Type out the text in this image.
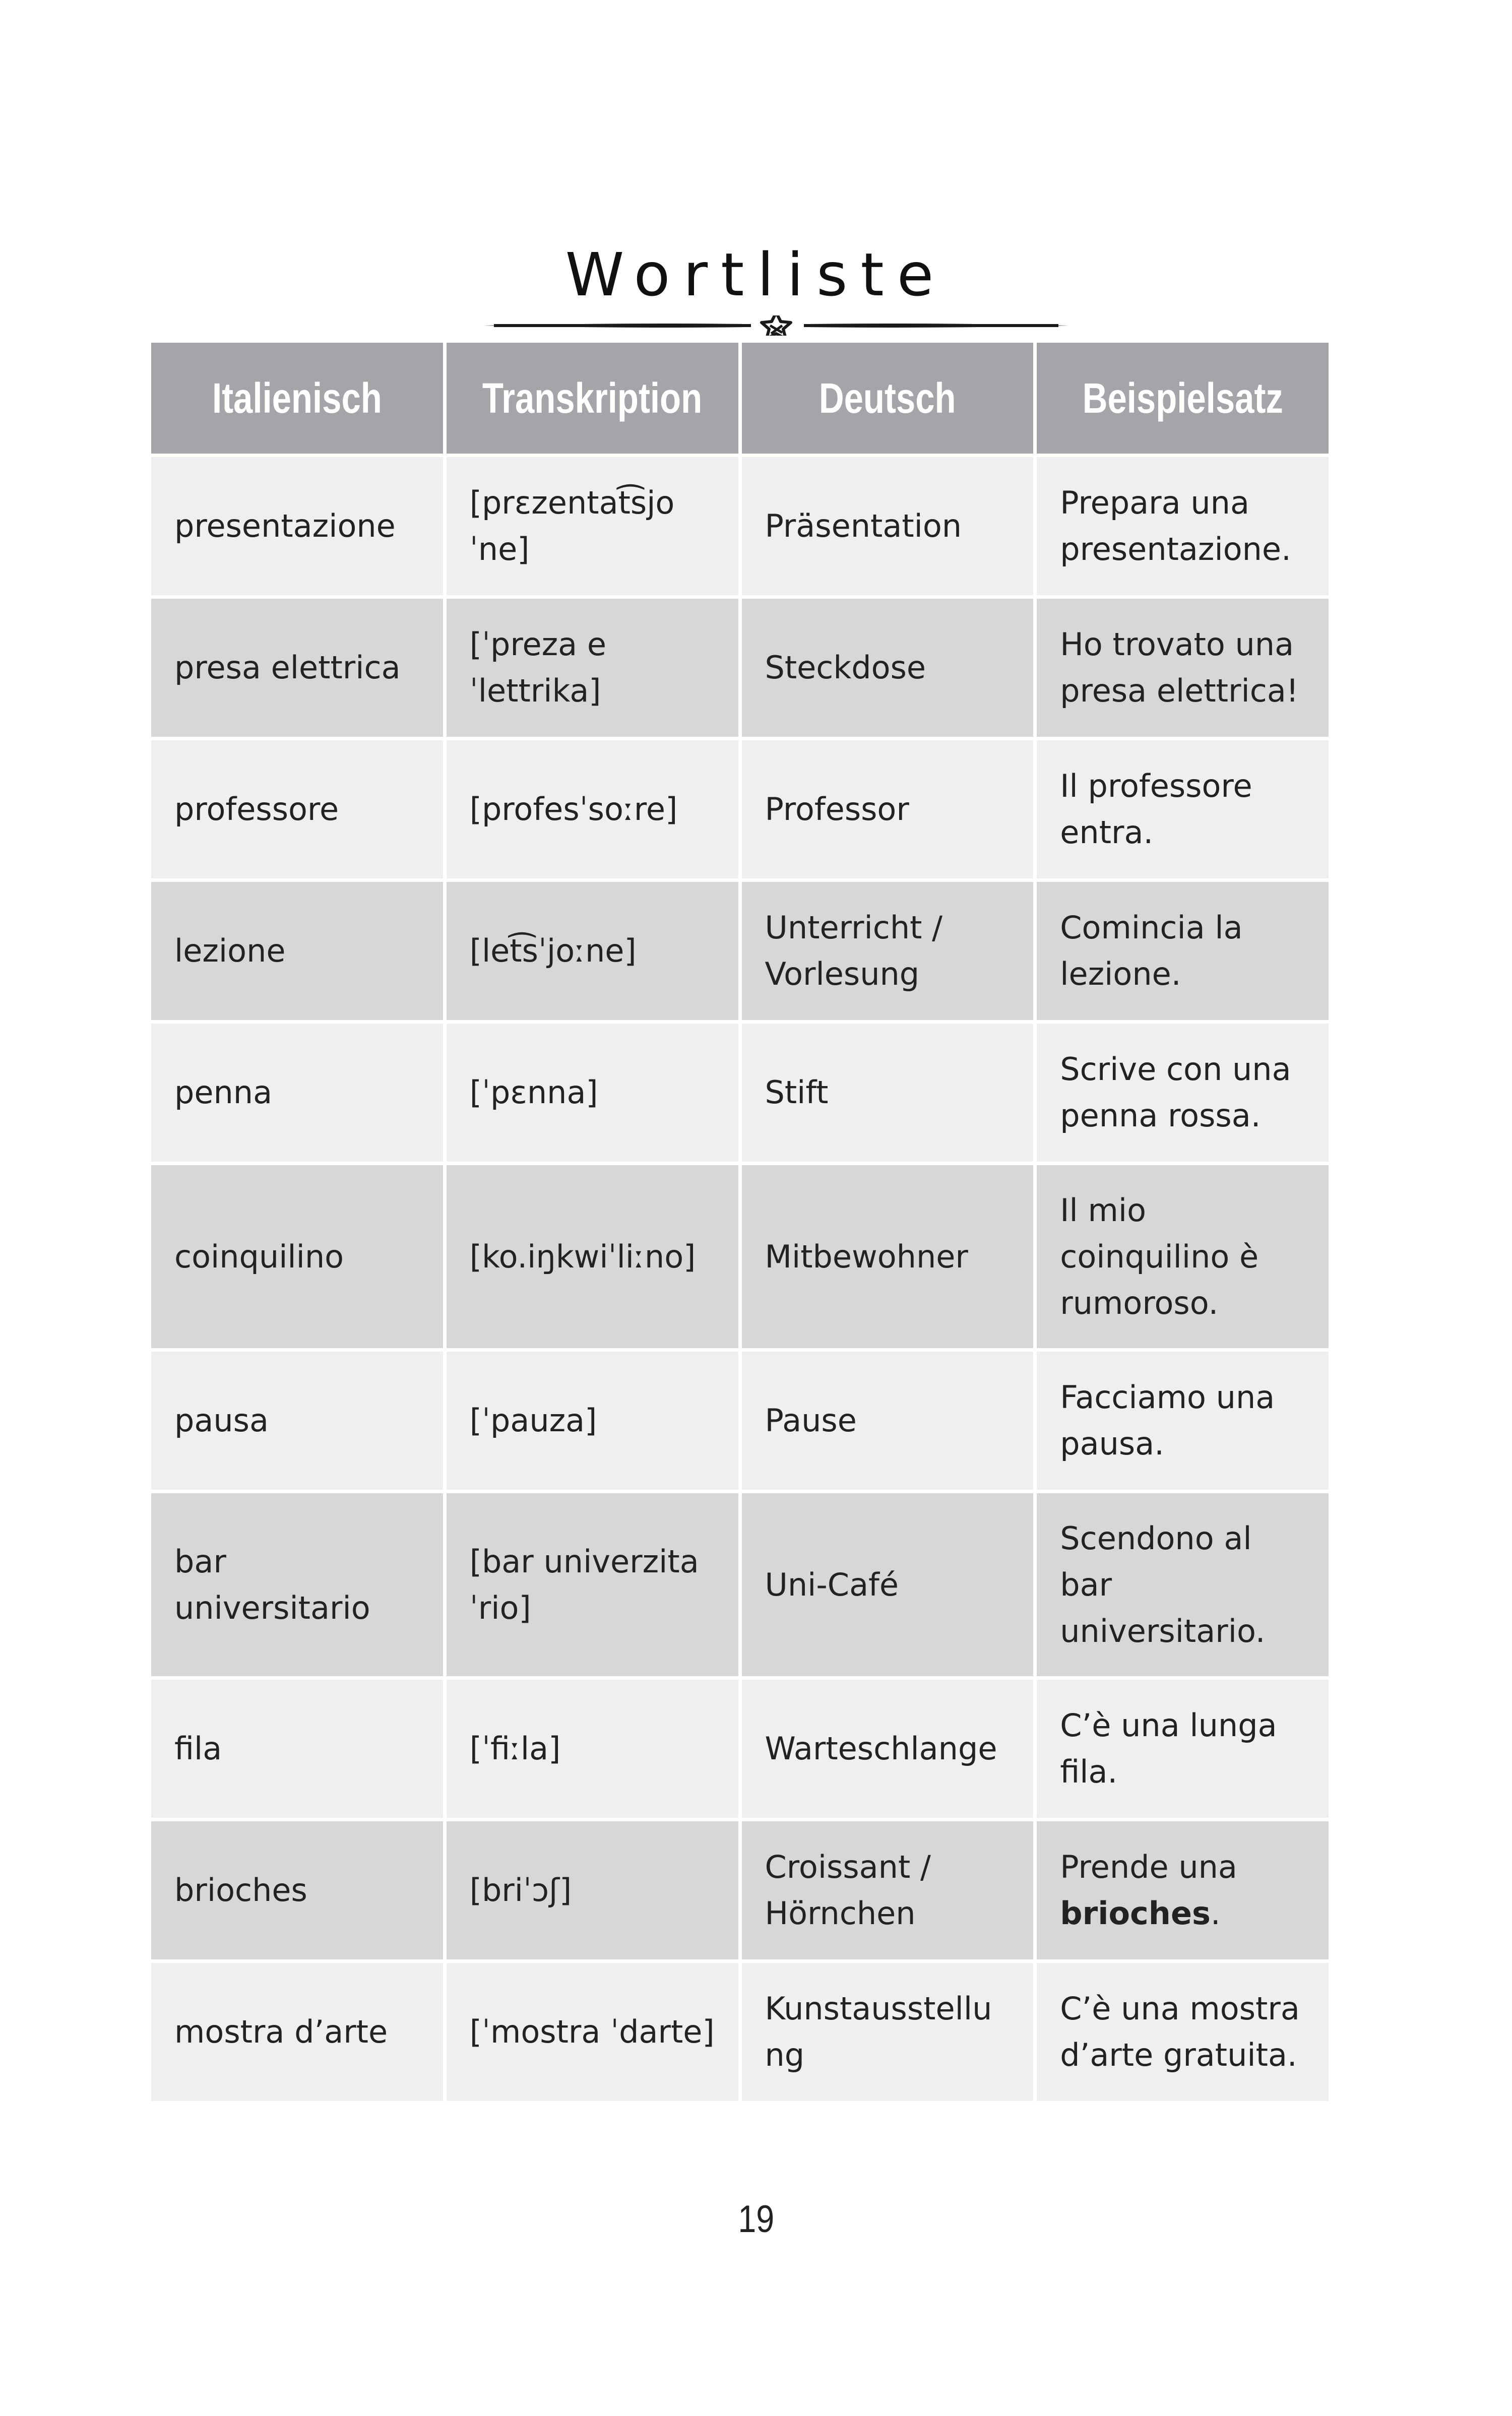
Wortliste
Italienisch	Transkription	Deutsch	Beispielsatz
presentazione	[prɛzentat͡sjo ˈne]	Präsentation	Prepara una presentazione.
presa elettrica	[ˈpreza e ˈlettrika]	Steckdose	Ho trovato una presa elettrica!
professore	[profesˈsoːre]	Professor	Il professore entra.
lezione	[let͡sˈjoːne]	Unterricht / Vorlesung	Comincia la lezione.
penna	[ˈpɛnna]	Stift	Scrive con una penna rossa.
coinquilino	[ko.iŋkwiˈliːno]	Mitbewohner	Il mio coinquilino è rumoroso.
pausa	[ˈpauza]	Pause	Facciamo una pausa.
bar universitario	[bar univerzita ˈrio]	Uni-Café	Scendono al bar universitario.
fila	[ˈfiːla]	Warteschlange	C’è una lunga fila.
brioches	[briˈɔʃ]	Croissant / Hörnchen	Prende una brioches.
mostra d’arte	[ˈmostra ˈdarte]	Kunstausstellu ng	C’è una mostra d’arte gratuita.
19
